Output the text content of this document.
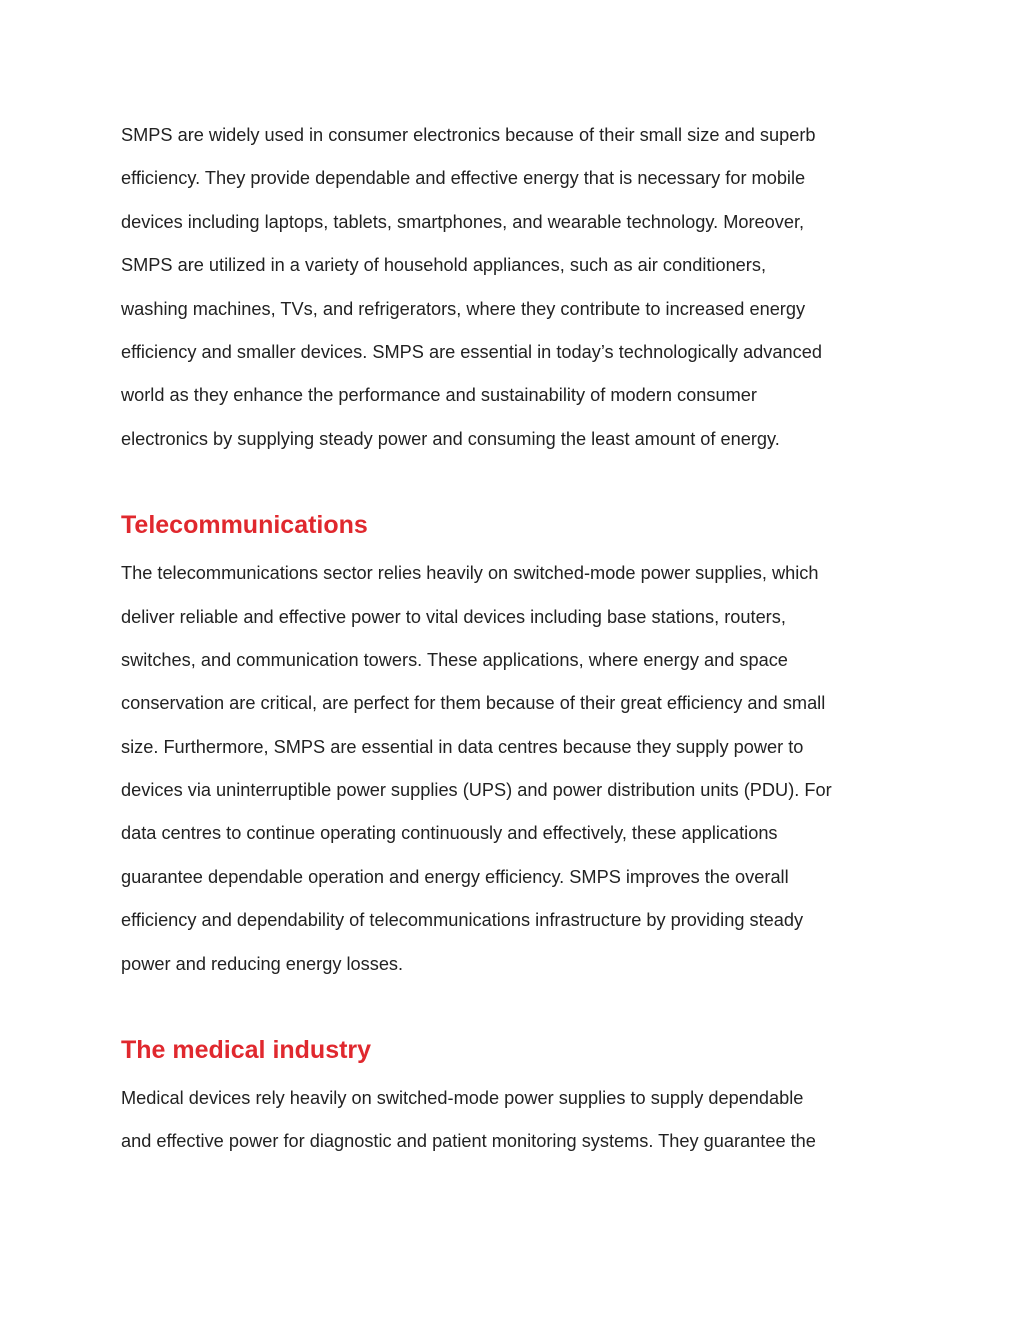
SMPS are widely used in consumer electronics because of their small size and superb
efficiency. They provide dependable and effective energy that is necessary for mobile
devices including laptops, tablets, smartphones, and wearable technology. Moreover,
SMPS are utilized in a variety of household appliances, such as air conditioners,
washing machines, TVs, and refrigerators, where they contribute to increased energy
efficiency and smaller devices. SMPS are essential in today’s technologically advanced
world as they enhance the performance and sustainability of modern consumer
electronics by supplying steady power and consuming the least amount of energy.
Telecommunications
The telecommunications sector relies heavily on switched-mode power supplies, which
deliver reliable and effective power to vital devices including base stations, routers,
switches, and communication towers. These applications, where energy and space
conservation are critical, are perfect for them because of their great efficiency and small
size. Furthermore, SMPS are essential in data centres because they supply power to
devices via uninterruptible power supplies (UPS) and power distribution units (PDU). For
data centres to continue operating continuously and effectively, these applications
guarantee dependable operation and energy efficiency. SMPS improves the overall
efficiency and dependability of telecommunications infrastructure by providing steady
power and reducing energy losses.
The medical industry
Medical devices rely heavily on switched-mode power supplies to supply dependable
and effective power for diagnostic and patient monitoring systems. They guarantee the
